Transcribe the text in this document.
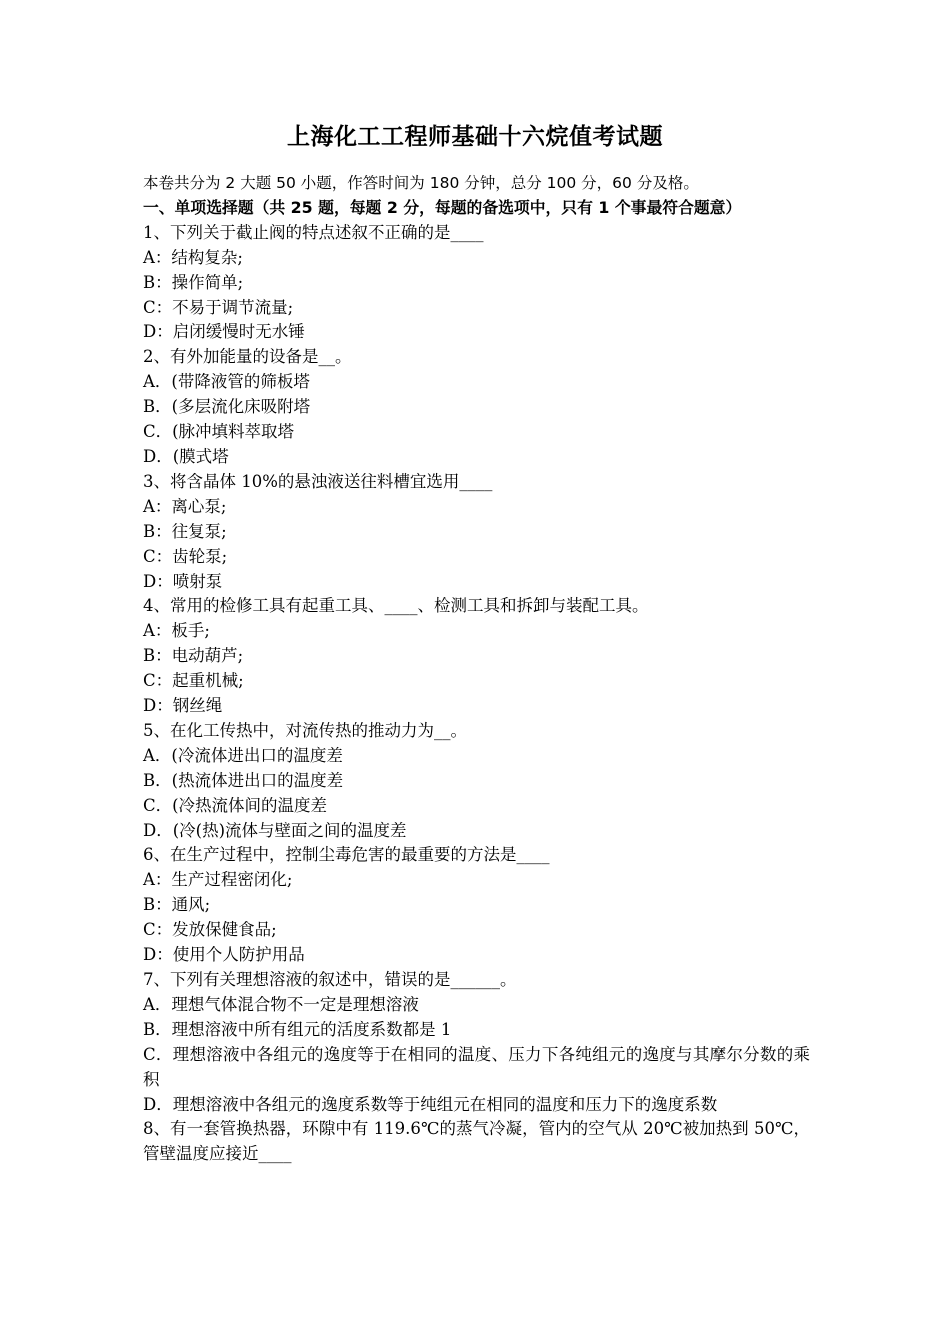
上海化工工程师基础十六烷值考试题
本卷共分为 2 大题 50 小题，作答时间为 180 分钟，总分 100 分，60 分及格。
一、单项选择题（共 25 题，每题 2 分，每题的备选项中，只有 1 个事最符合题意）
1、下列关于截止阀的特点述叙不正确的是____
A：结构复杂;
B：操作简单;
C：不易于调节流量;
D：启闭缓慢时无水锤
2、有外加能量的设备是__。
A．(带降液管的筛板塔
B．(多层流化床吸附塔
C．(脉冲填料萃取塔
D．(膜式塔
3、将含晶体 10%的悬浊液送往料槽宜选用____
A：离心泵;
B：往复泵;
C：齿轮泵;
D：喷射泵
4、常用的检修工具有起重工具、____、检测工具和拆卸与装配工具。
A：板手;
B：电动葫芦;
C：起重机械;
D：钢丝绳
5、在化工传热中，对流传热的推动力为__。
A．(冷流体进出口的温度差
B．(热流体进出口的温度差
C．(冷热流体间的温度差
D．(冷(热)流体与壁面之间的温度差
6、在生产过程中，控制尘毒危害的最重要的方法是____
A：生产过程密闭化;
B：通风;
C：发放保健食品;
D：使用个人防护用品
7、下列有关理想溶液的叙述中，错误的是______。
A．理想气体混合物不一定是理想溶液
B．理想溶液中所有组元的活度系数都是 1
C．理想溶液中各组元的逸度等于在相同的温度、压力下各纯组元的逸度与其摩尔分数的乘积
D．理想溶液中各组元的逸度系数等于纯组元在相同的温度和压力下的逸度系数
8、有一套管换热器，环隙中有 119.6℃的蒸气冷凝，管内的空气从 20℃被加热到 50℃，管壁温度应接近____
